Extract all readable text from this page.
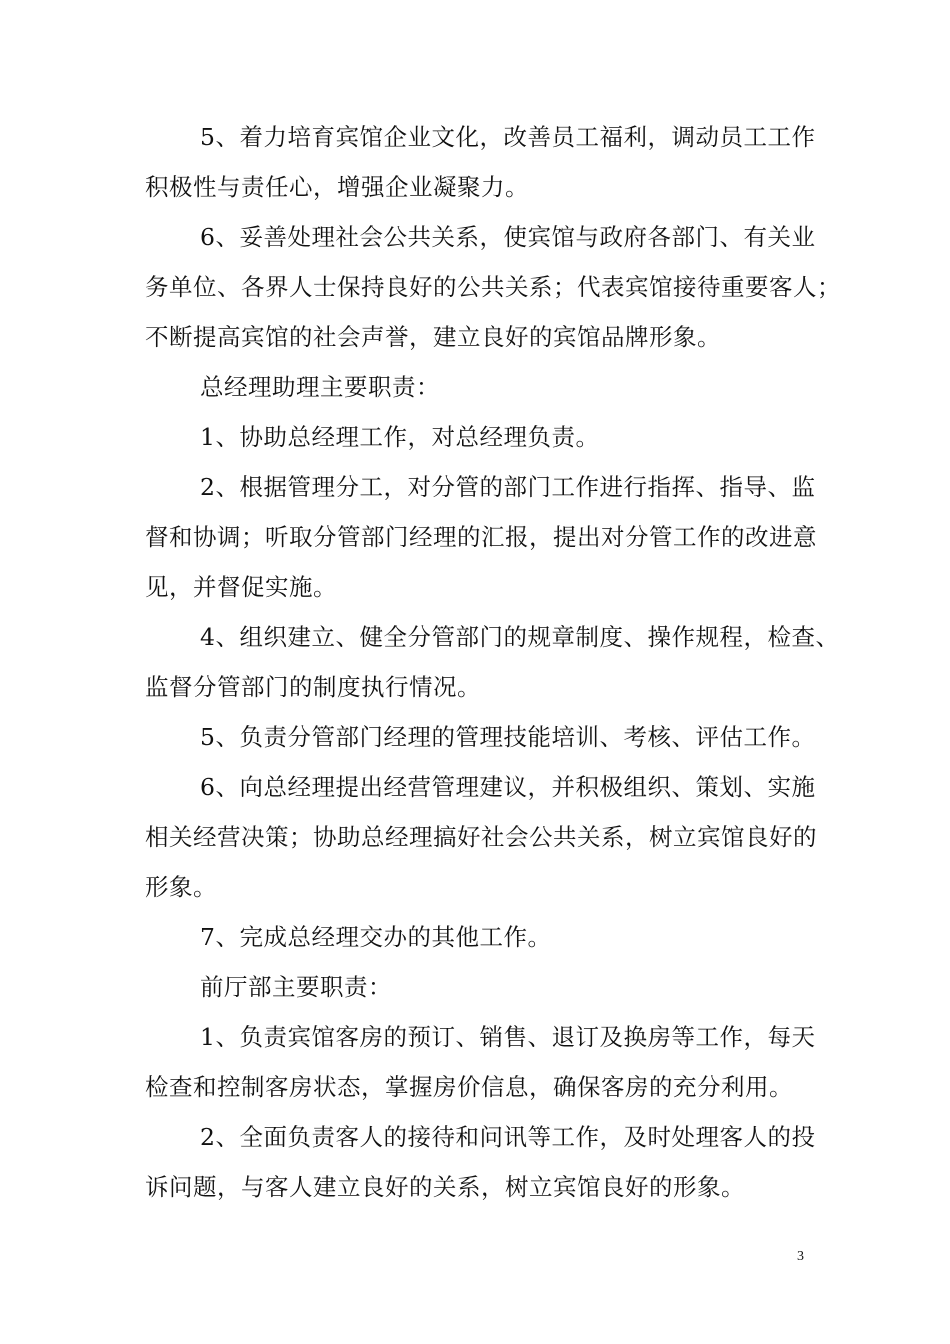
5、着力培育宾馆企业文化，改善员工福利，调动员工工作
积极性与责任心，增强企业凝聚力。
6、妥善处理社会公共关系，使宾馆与政府各部门、有关业
务单位、各界人士保持良好的公共关系；代表宾馆接待重要客人；
不断提高宾馆的社会声誉，建立良好的宾馆品牌形象。
总经理助理主要职责：
1、协助总经理工作，对总经理负责。
2、根据管理分工，对分管的部门工作进行指挥、指导、监
督和协调；听取分管部门经理的汇报，提出对分管工作的改进意
见，并督促实施。
4、组织建立、健全分管部门的规章制度、操作规程，检查、
监督分管部门的制度执行情况。
5、负责分管部门经理的管理技能培训、考核、评估工作。
6、向总经理提出经营管理建议，并积极组织、策划、实施
相关经营决策；协助总经理搞好社会公共关系，树立宾馆良好的
形象。
7、完成总经理交办的其他工作。
前厅部主要职责：
1、负责宾馆客房的预订、销售、退订及换房等工作，每天
检查和控制客房状态，掌握房价信息，确保客房的充分利用。
2、全面负责客人的接待和问讯等工作，及时处理客人的投
诉问题，与客人建立良好的关系，树立宾馆良好的形象。
3
